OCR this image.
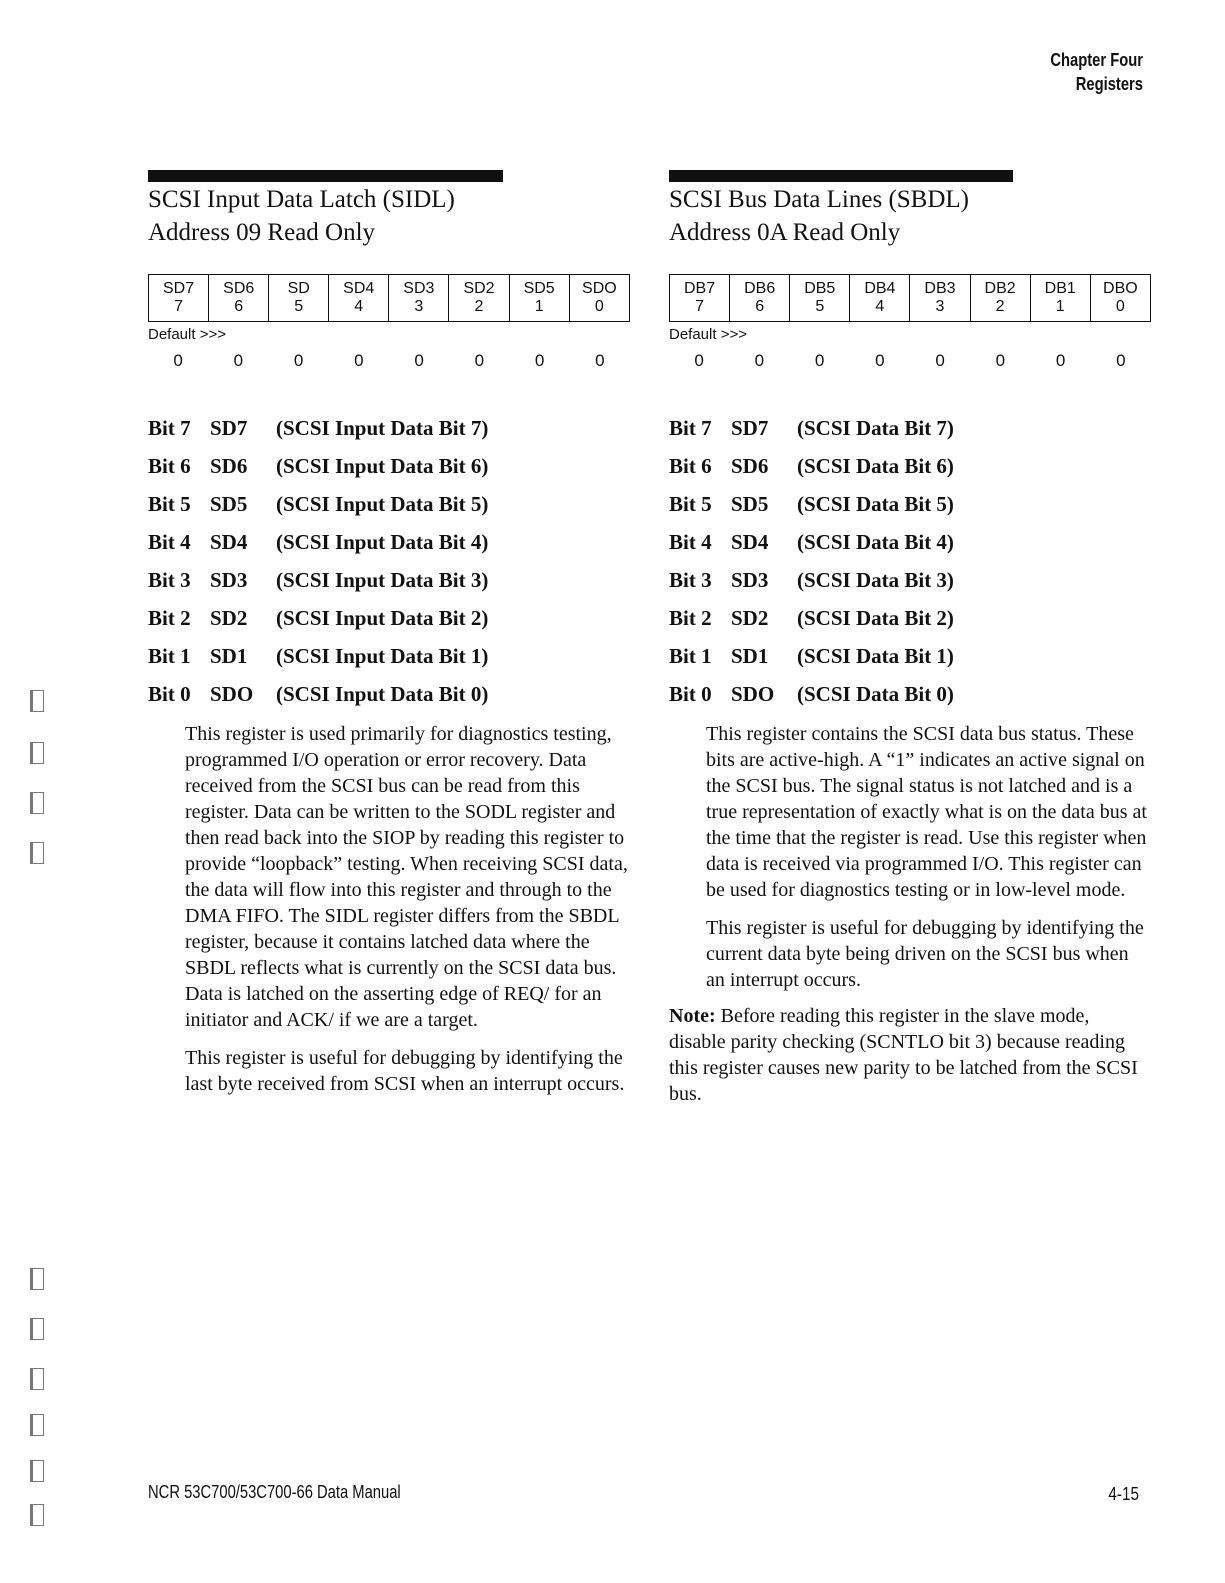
Chapter Four
Registers
SCSI Input Data Latch (SIDL)
Address 09 Read Only
SD7	SD6	SD	SD4	SD3	SD2	SD5	SDO
7	6	5	4	3	2	1	0
Default >>>
0	0	0	0	0	0	0	0
Bit 7 SD7 (SCSI Input Data Bit 7)
Bit 6 SD6 (SCSI Input Data Bit 6)
Bit 5 SD5 (SCSI Input Data Bit 5)
Bit 4 SD4 (SCSI Input Data Bit 4)
Bit 3 SD3 (SCSI Input Data Bit 3)
Bit 2 SD2 (SCSI Input Data Bit 2)
Bit 1 SD1 (SCSI Input Data Bit 1)
Bit 0 SDO (SCSI Input Data Bit 0)

This register is used primarily for diagnostics testing, programmed I/O operation or error recovery. Data received from the SCSI bus can be read from this register. Data can be written to the SODL register and then read back into the SIOP by reading this register to provide “loopback” testing. When receiving SCSI data, the data will flow into this register and through to the DMA FIFO. The SIDL register differs from the SBDL register, because it contains latched data where the SBDL reflects what is currently on the SCSI data bus. Data is latched on the asserting edge of REQ/ for an initiator and ACK/ if we are a target.

This register is useful for debugging by identifying the last byte received from SCSI when an interrupt occurs.

SCSI Bus Data Lines (SBDL)
Address 0A Read Only
DB7	DB6	DB5	DB4	DB3	DB2	DB1	DBO
7	6	5	4	3	2	1	0
Default >>>
0	0	0	0	0	0	0	0
Bit 7 SD7 (SCSI Data Bit 7)
Bit 6 SD6 (SCSI Data Bit 6)
Bit 5 SD5 (SCSI Data Bit 5)
Bit 4 SD4 (SCSI Data Bit 4)
Bit 3 SD3 (SCSI Data Bit 3)
Bit 2 SD2 (SCSI Data Bit 2)
Bit 1 SD1 (SCSI Data Bit 1)
Bit 0 SDO (SCSI Data Bit 0)

This register contains the SCSI data bus status. These bits are active-high. A “1” indicates an active signal on the SCSI bus. The signal status is not latched and is a true representation of exactly what is on the data bus at the time that the register is read. Use this register when data is received via programmed I/O. This register can be used for diagnostics testing or in low-level mode.

This register is useful for debugging by identifying the current data byte being driven on the SCSI bus when an interrupt occurs.

Note: Before reading this register in the slave mode, disable parity checking (SCNTLO bit 3) because reading this register causes new parity to be latched from the SCSI bus.
NCR 53C700/53C700-66 Data Manual	4-15
